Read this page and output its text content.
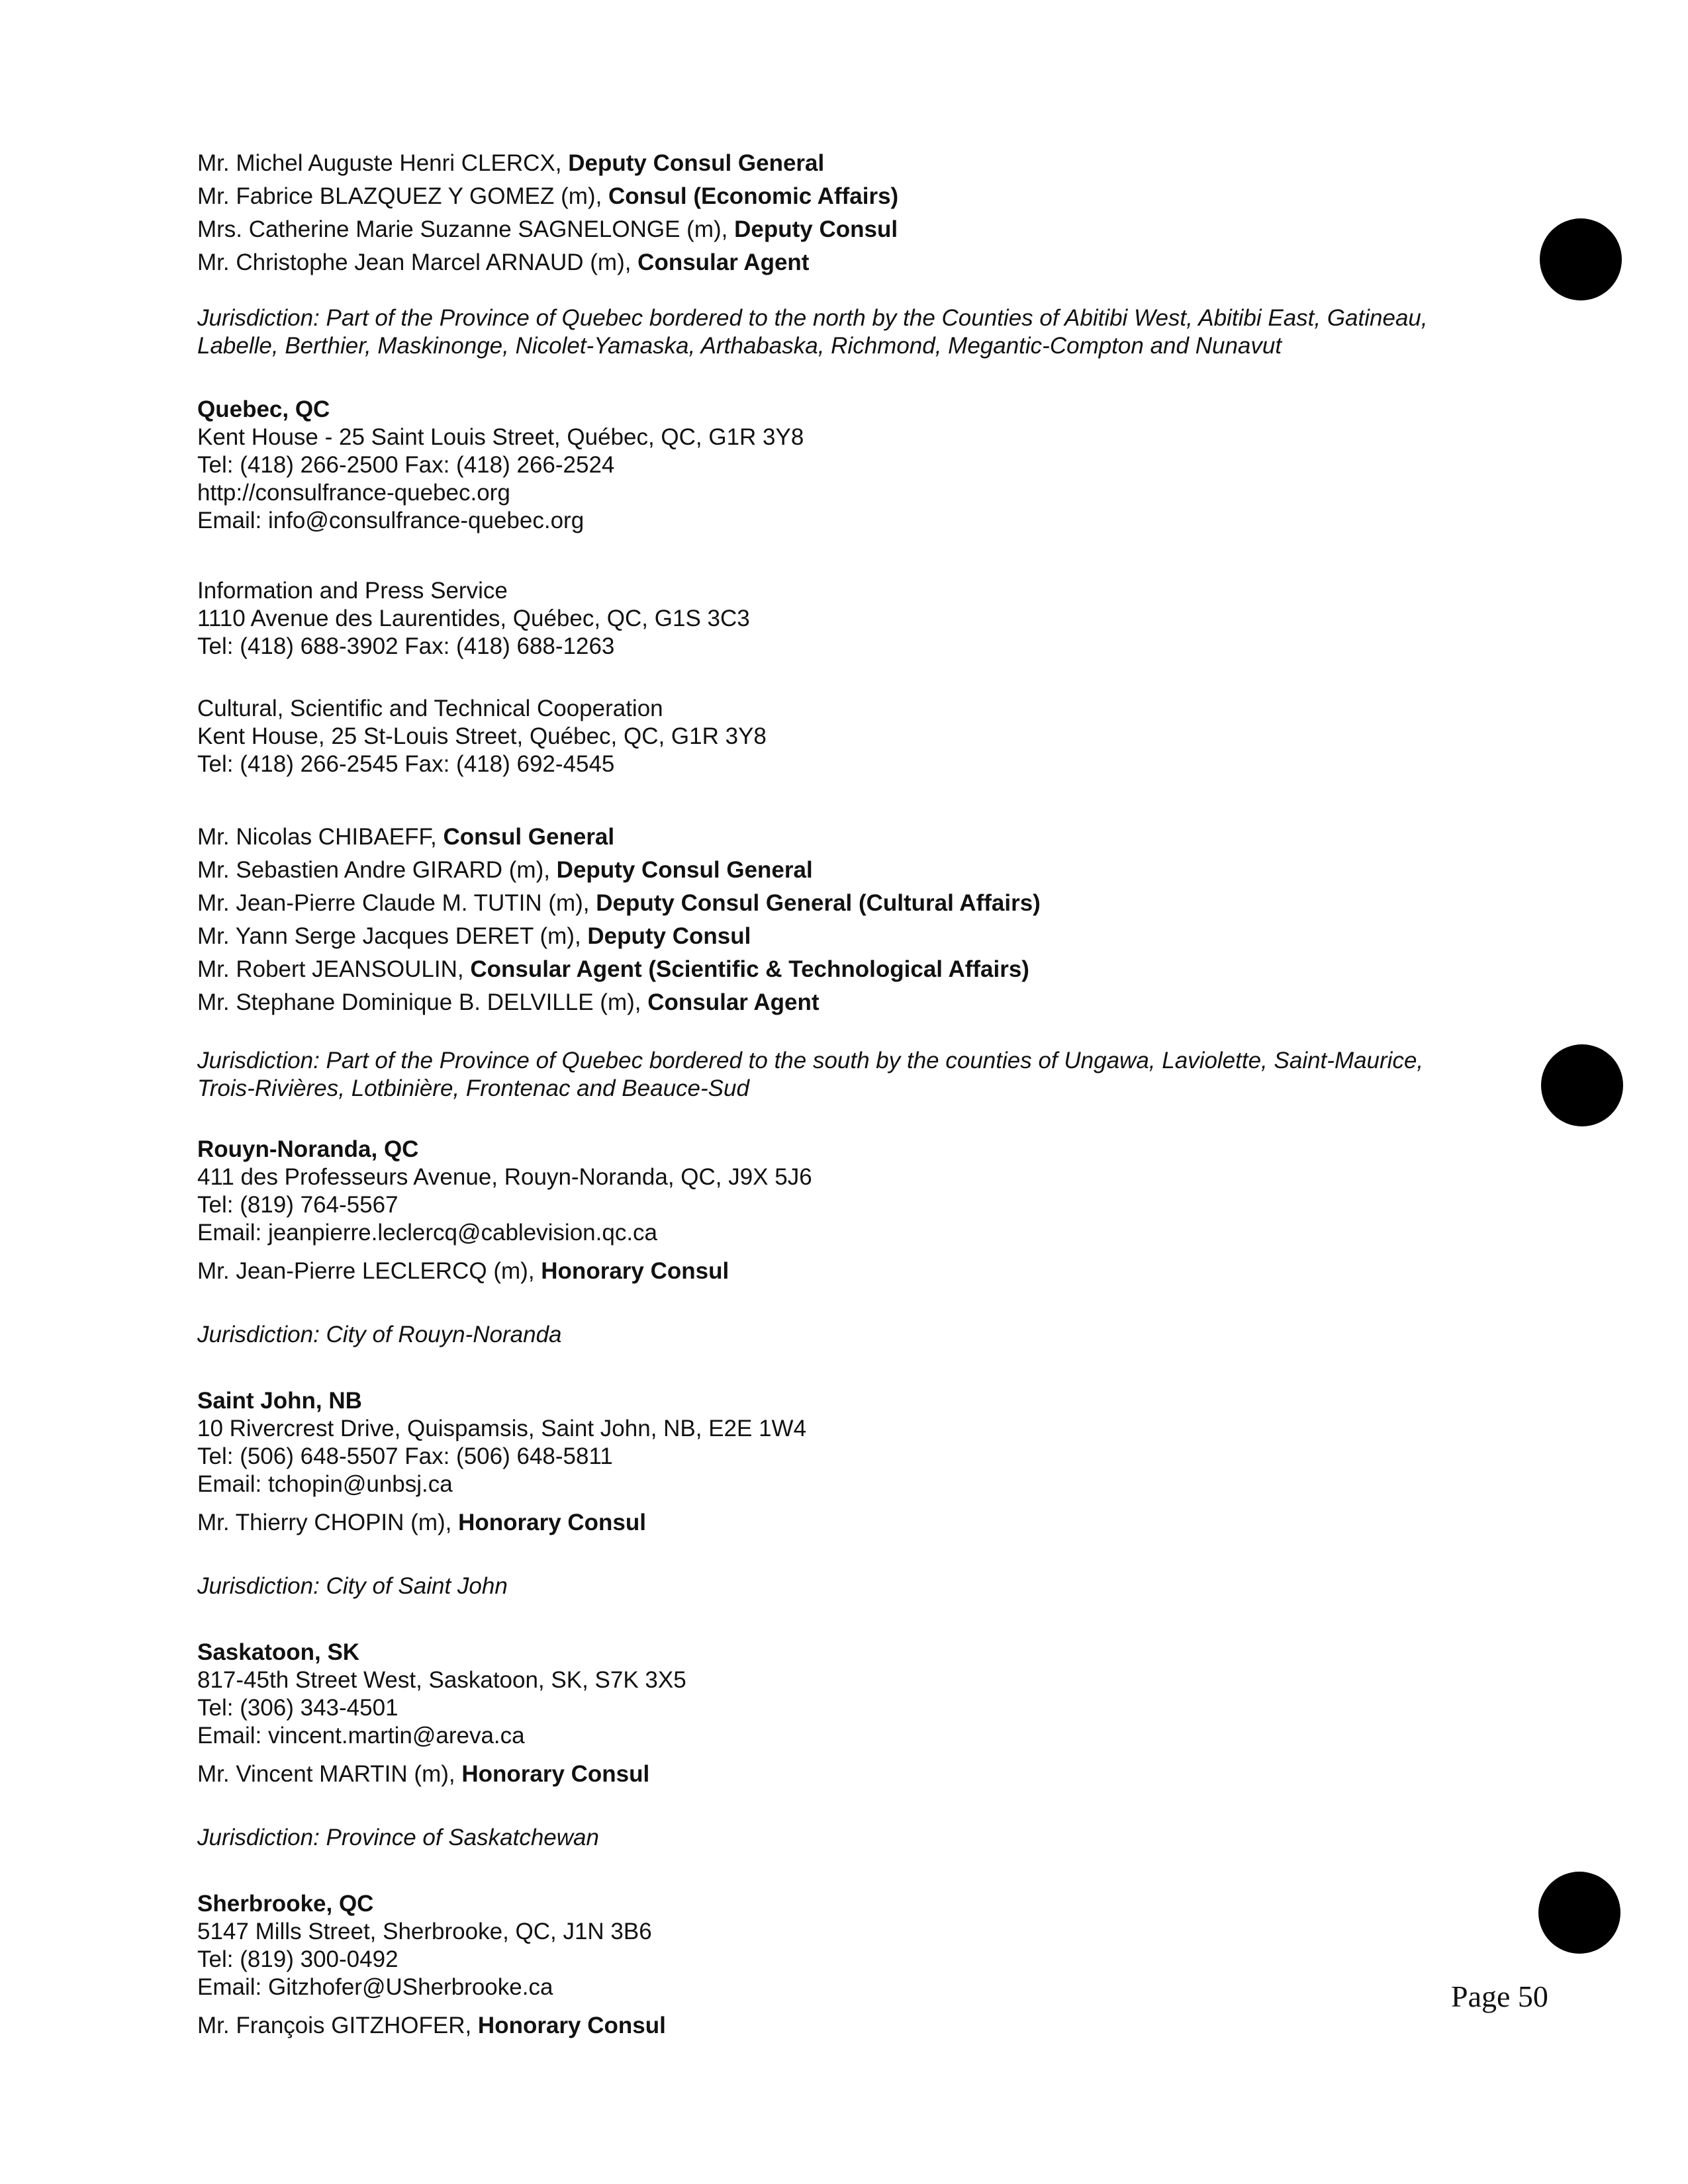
Mr. Michel Auguste Henri CLERCX, Deputy Consul General
Mr. Fabrice BLAZQUEZ Y GOMEZ (m), Consul (Economic Affairs)
Mrs. Catherine Marie Suzanne SAGNELONGE (m), Deputy Consul
Mr. Christophe Jean Marcel ARNAUD (m), Consular Agent
Jurisdiction: Part of the Province of Quebec bordered to the north by the Counties of Abitibi West, Abitibi East, Gatineau,
Labelle, Berthier, Maskinonge, Nicolet-Yamaska, Arthabaska, Richmond, Megantic-Compton and Nunavut
Quebec, QC
Kent House - 25 Saint Louis Street, Québec, QC, G1R 3Y8
Tel: (418) 266-2500 Fax: (418) 266-2524
http://consulfrance-quebec.org
Email: info@consulfrance-quebec.org
Information and Press Service
1110 Avenue des Laurentides, Québec, QC, G1S 3C3
Tel: (418) 688-3902 Fax: (418) 688-1263
Cultural, Scientific and Technical Cooperation
Kent House, 25 St-Louis Street, Québec, QC, G1R 3Y8
Tel: (418) 266-2545 Fax: (418) 692-4545
Mr. Nicolas CHIBAEFF, Consul General
Mr. Sebastien Andre GIRARD (m), Deputy Consul General
Mr. Jean-Pierre Claude M. TUTIN (m), Deputy Consul General (Cultural Affairs)
Mr. Yann Serge Jacques DERET (m), Deputy Consul
Mr. Robert JEANSOULIN, Consular Agent (Scientific & Technological Affairs)
Mr. Stephane Dominique B. DELVILLE (m), Consular Agent
Jurisdiction: Part of the Province of Quebec bordered to the south by the counties of Ungawa, Laviolette, Saint-Maurice,
Trois-Rivières, Lotbinière, Frontenac and Beauce-Sud
Rouyn-Noranda, QC
411 des Professeurs Avenue, Rouyn-Noranda, QC, J9X 5J6
Tel: (819) 764-5567
Email: jeanpierre.leclercq@cablevision.qc.ca
Mr. Jean-Pierre LECLERCQ (m), Honorary Consul
Jurisdiction: City of Rouyn-Noranda
Saint John, NB
10 Rivercrest Drive, Quispamsis, Saint John, NB, E2E 1W4
Tel: (506) 648-5507 Fax: (506) 648-5811
Email: tchopin@unbsj.ca
Mr. Thierry CHOPIN (m), Honorary Consul
Jurisdiction: City of Saint John
Saskatoon, SK
817-45th Street West, Saskatoon, SK, S7K 3X5
Tel: (306) 343-4501
Email: vincent.martin@areva.ca
Mr. Vincent MARTIN (m), Honorary Consul
Jurisdiction: Province of Saskatchewan
Sherbrooke, QC
5147 Mills Street, Sherbrooke, QC, J1N 3B6
Tel: (819) 300-0492
Email: Gitzhofer@USherbrooke.ca
Mr. François GITZHOFER, Honorary Consul
Page 50
